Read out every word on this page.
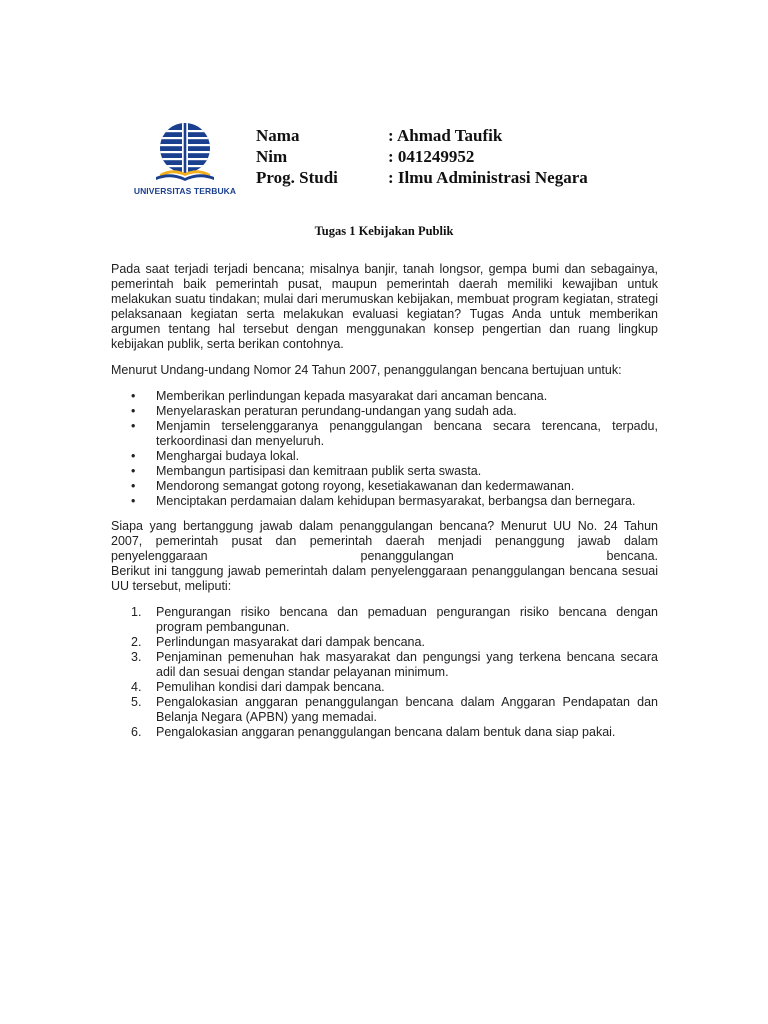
UNIVERSITAS TERBUKA
Nama	: Ahmad Taufik
Nim	: 041249952
Prog. Studi	: Ilmu Administrasi Negara
Tugas 1 Kebijakan Publik

Pada saat terjadi terjadi bencana; misalnya banjir, tanah longsor, gempa bumi dan sebagainya, pemerintah baik pemerintah pusat, maupun pemerintah daerah memiliki kewajiban untuk melakukan suatu tindakan; mulai dari merumuskan kebijakan, membuat program kegiatan, strategi pelaksanaan kegiatan serta melakukan evaluasi kegiatan? Tugas Anda untuk memberikan argumen tentang hal tersebut dengan menggunakan konsep pengertian dan ruang lingkup kebijakan publik, serta berikan contohnya.

Menurut Undang-undang Nomor 24 Tahun 2007, penanggulangan bencana bertujuan untuk:

• Memberikan perlindungan kepada masyarakat dari ancaman bencana.
• Menyelaraskan peraturan perundang-undangan yang sudah ada.
• Menjamin terselenggaranya penanggulangan bencana secara terencana, terpadu, terkoordinasi dan menyeluruh.
• Menghargai budaya lokal.
• Membangun partisipasi dan kemitraan publik serta swasta.
• Mendorong semangat gotong royong, kesetiakawanan dan kedermawanan.
• Menciptakan perdamaian dalam kehidupan bermasyarakat, berbangsa dan bernegara.

Siapa yang bertanggung jawab dalam penanggulangan bencana? Menurut UU No. 24 Tahun 2007, pemerintah pusat dan pemerintah daerah menjadi penanggung jawab dalam penyelenggaraan penanggulangan bencana.

Berikut ini tanggung jawab pemerintah dalam penyelenggaraan penanggulangan bencana sesuai UU tersebut, meliputi:

1. Pengurangan risiko bencana dan pemaduan pengurangan risiko bencana dengan program pembangunan.
2. Perlindungan masyarakat dari dampak bencana.
3. Penjaminan pemenuhan hak masyarakat dan pengungsi yang terkena bencana secara adil dan sesuai dengan standar pelayanan minimum.
4. Pemulihan kondisi dari dampak bencana.
5. Pengalokasian anggaran penanggulangan bencana dalam Anggaran Pendapatan dan Belanja Negara (APBN) yang memadai.
6. Pengalokasian anggaran penanggulangan bencana dalam bentuk dana siap pakai.
